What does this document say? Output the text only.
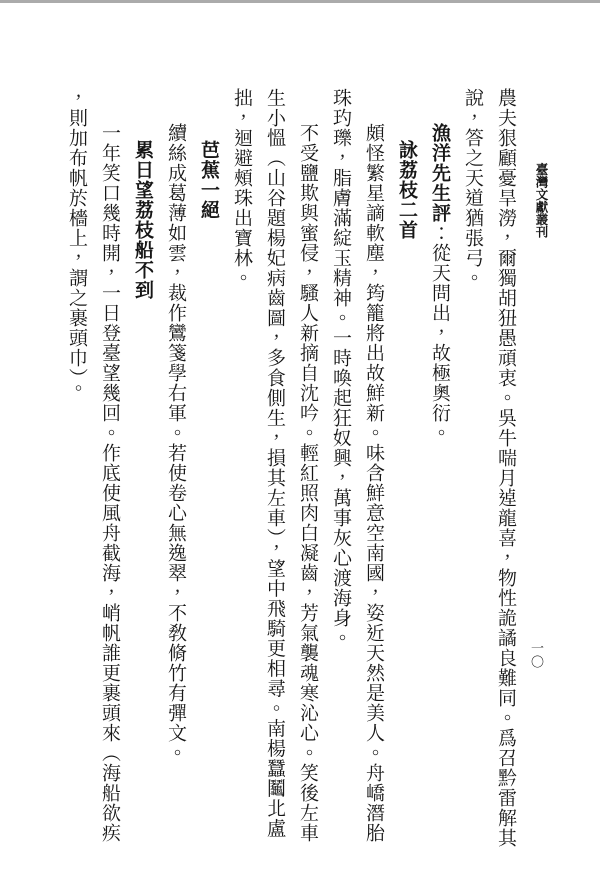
臺灣文獻叢刊
一〇
農夫狠顧憂旱澇，爾獨胡狃愚頑衷。吳牛喘月逴龍喜，物性詭譎良難同。爲召黔雷解其
說，答之天道猶張弓。
漁洋先生評：從天問出，故極奧衍。
詠荔枝二首
頗怪繁星謫軟塵，筠籠將出故鮮新。味含鮮意空南國，姿近天然是美人。舟嶠潛胎
珠玓瓅，脂膚滿綻玉精神。一時喚起狂奴興，萬事灰心渡海身。
不受鹽欺與蜜侵，騷人新摘自沈吟。輕紅照肉白凝齒，芳氣襲魂寒沁心。笑後左車
生小慍（山谷題楊妃病齒圖，多食側生，損其左車），望中飛騎更相尋。南楊蠶鬮北盧
拙，迴避頰珠出寶林。
芭蕉一絕
續絲成葛薄如雲，裁作鸞箋學右軍。若使卷心無逸翠，不敎脩竹有彈文。
累日望荔枝船不到
一年笑口幾時開，一日登臺望幾回。作底使風舟截海，峭帆誰更裹頭來（海船欲疾
，則加布帆於檣上，謂之裹頭巾）。
